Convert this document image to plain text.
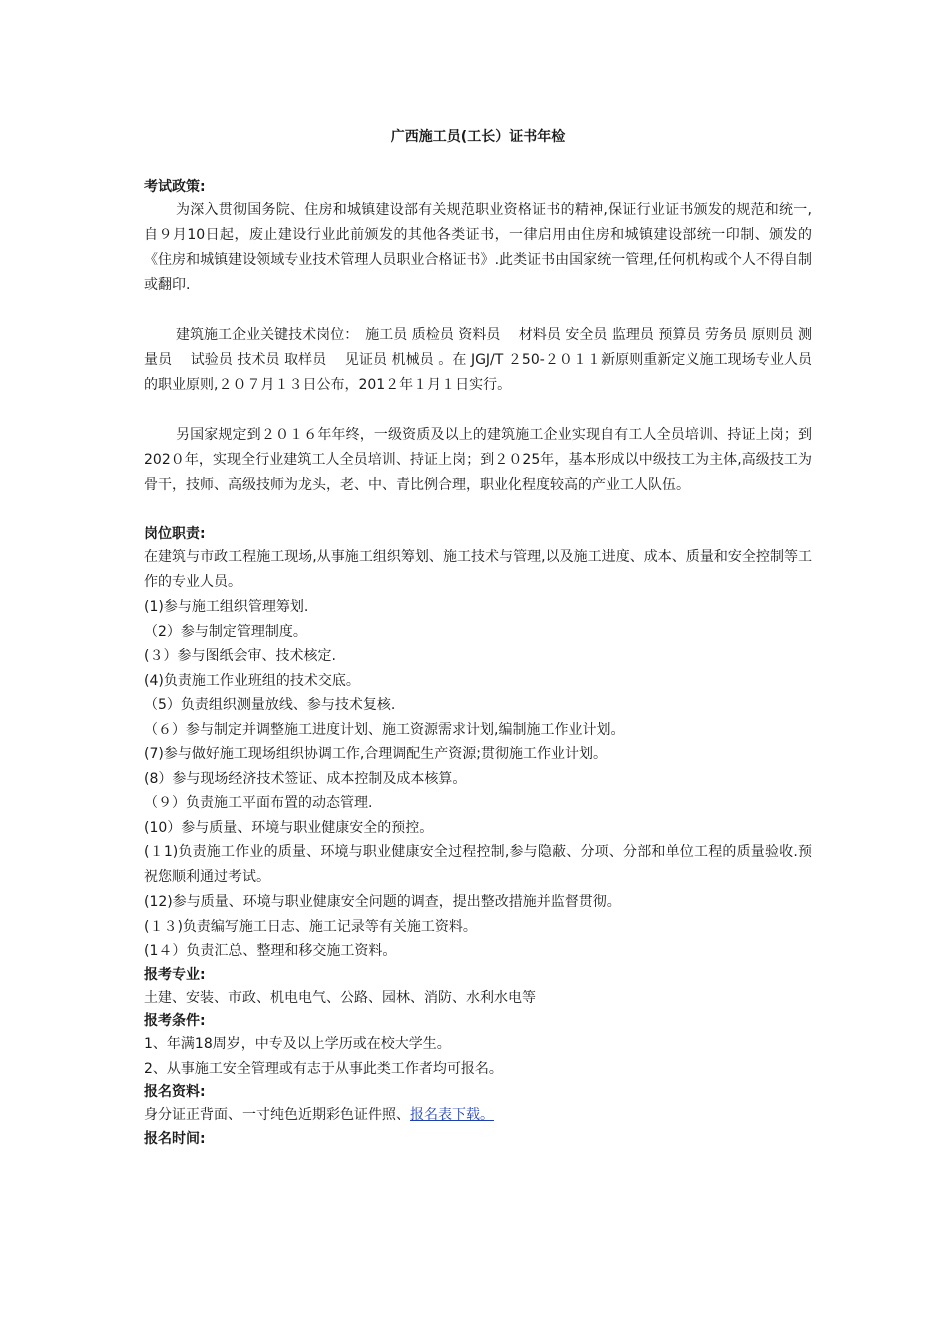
广西施工员(工长）证书年检
考试政策:

为深入贯彻国务院、住房和城镇建设部有关规范职业资格证书的精神,保证行业证书颁发的规范和统一,自９月10日起，废止建设行业此前颁发的其他各类证书，一律启用由住房和城镇建设部统一印制、颁发的《住房和城镇建设领域专业技术管理人员职业合格证书》.此类证书由国家统一管理,任何机构或个人不得自制或翻印.

建筑施工企业关键技术岗位：　施工员 质检员 资料员　 材料员 安全员 监理员 预算员 劳务员 原则员 测量员　 试验员 技术员 取样员　 见证员 机械员 。在 JGJ/T ２50-２０１１新原则重新定义施工现场专业人员的职业原则,２０７月１３日公布，201２年１月１日实行。

另国家规定到２０１６年年终，一级资质及以上的建筑施工企业实现自有工人全员培训、持证上岗；到202０年，实现全行业建筑工人全员培训、持证上岗；到２０25年，基本形成以中级技工为主体,高级技工为骨干，技师、高级技师为龙头，老、中、青比例合理，职业化程度较高的产业工人队伍。

岗位职责:

在建筑与市政工程施工现场,从事施工组织筹划、施工技术与管理,以及施工进度、成本、质量和安全控制等工作的专业人员。

(1)参与施工组织管理筹划.

（2）参与制定管理制度。

(３）参与图纸会审、技术核定.

(4)负责施工作业班组的技术交底。

（5）负责组织测量放线、参与技术复核.

（６）参与制定并调整施工进度计划、施工资源需求计划,编制施工作业计划。

(7)参与做好施工现场组织协调工作,合理调配生产资源;贯彻施工作业计划。

(8）参与现场经济技术签证、成本控制及成本核算。

（９）负责施工平面布置的动态管理.

(10）参与质量、环境与职业健康安全的预控。

(１1)负责施工作业的质量、环境与职业健康安全过程控制,参与隐蔽、分项、分部和单位工程的质量验收.预祝您顺利通过考试。

(12)参与质量、环境与职业健康安全问题的调查，提出整改措施并监督贯彻。

(１３)负责编写施工日志、施工记录等有关施工资料。

(1４）负责汇总、整理和移交施工资料。

报考专业:

土建、安装、市政、机电电气、公路、园林、消防、水利水电等

报考条件:

1、年满18周岁，中专及以上学历或在校大学生。

2、从事施工安全管理或有志于从事此类工作者均可报名。

报名资料:

身分证正背面、一寸纯色近期彩色证件照、报名表下载。

报名时间:
